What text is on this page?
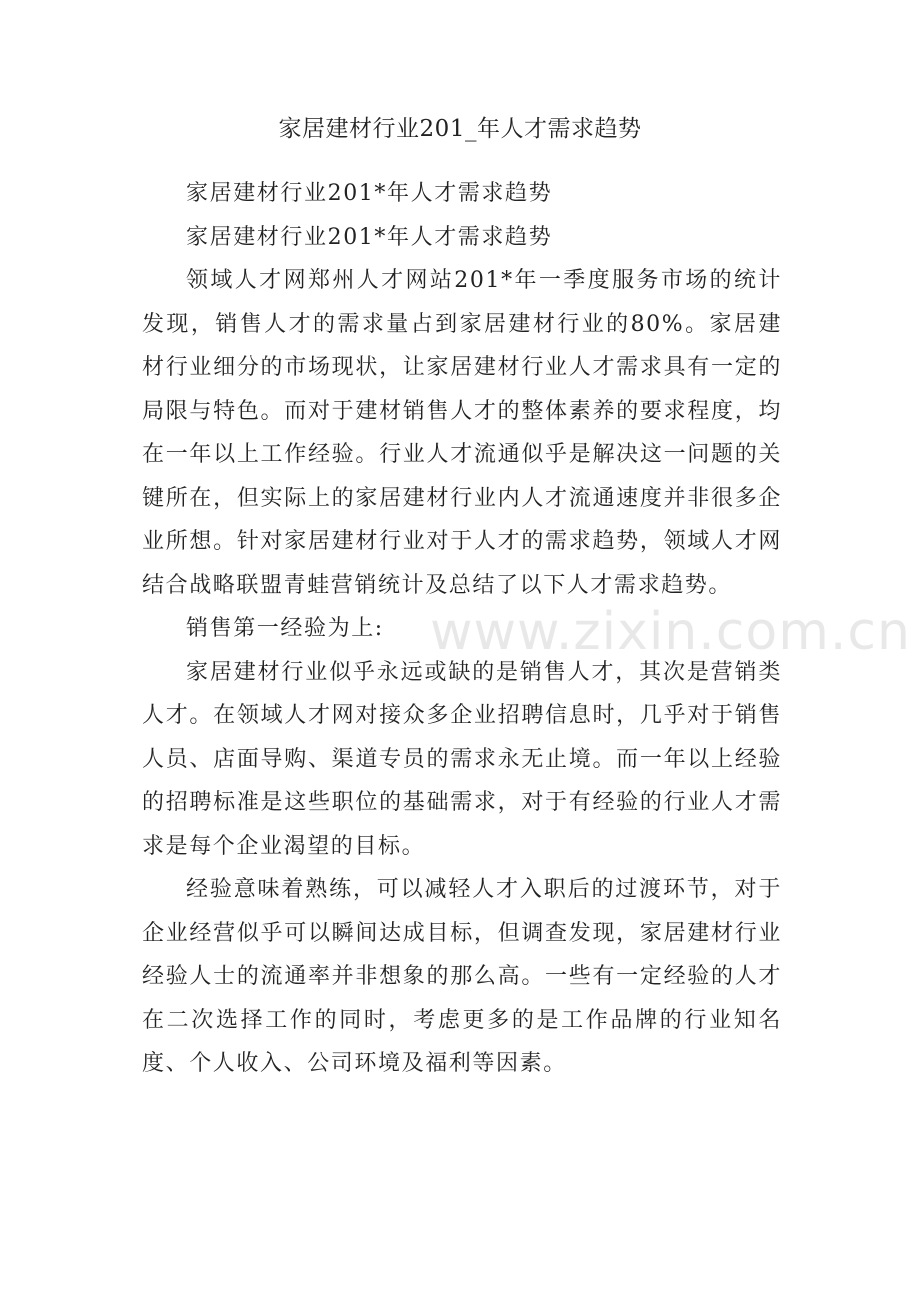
家居建材行业201_年人才需求趋势

家居建材行业201*年人才需求趋势

家居建材行业201*年人才需求趋势

领域人才网郑州人才网站201*年一季度服务市场的统计发现，销售人才的需求量占到家居建材行业的80%。家居建材行业细分的市场现状，让家居建材行业人才需求具有一定的局限与特色。而对于建材销售人才的整体素养的要求程度，均在一年以上工作经验。行业人才流通似乎是解决这一问题的关键所在，但实际上的家居建材行业内人才流通速度并非很多企业所想。针对家居建材行业对于人才的需求趋势，领域人才网结合战略联盟青蛙营销统计及总结了以下人才需求趋势。

销售第一经验为上:

家居建材行业似乎永远或缺的是销售人才，其次是营销类人才。在领域人才网对接众多企业招聘信息时，几乎对于销售人员、店面导购、渠道专员的需求永无止境。而一年以上经验的招聘标准是这些职位的基础需求，对于有经验的行业人才需求是每个企业渴望的目标。

经验意味着熟练，可以减轻人才入职后的过渡环节，对于企业经营似乎可以瞬间达成目标，但调查发现，家居建材行业经验人士的流通率并非想象的那么高。一些有一定经验的人才在二次选择工作的同时，考虑更多的是工作品牌的行业知名度、个人收入、公司环境及福利等因素。

www.zixin.com.cn
